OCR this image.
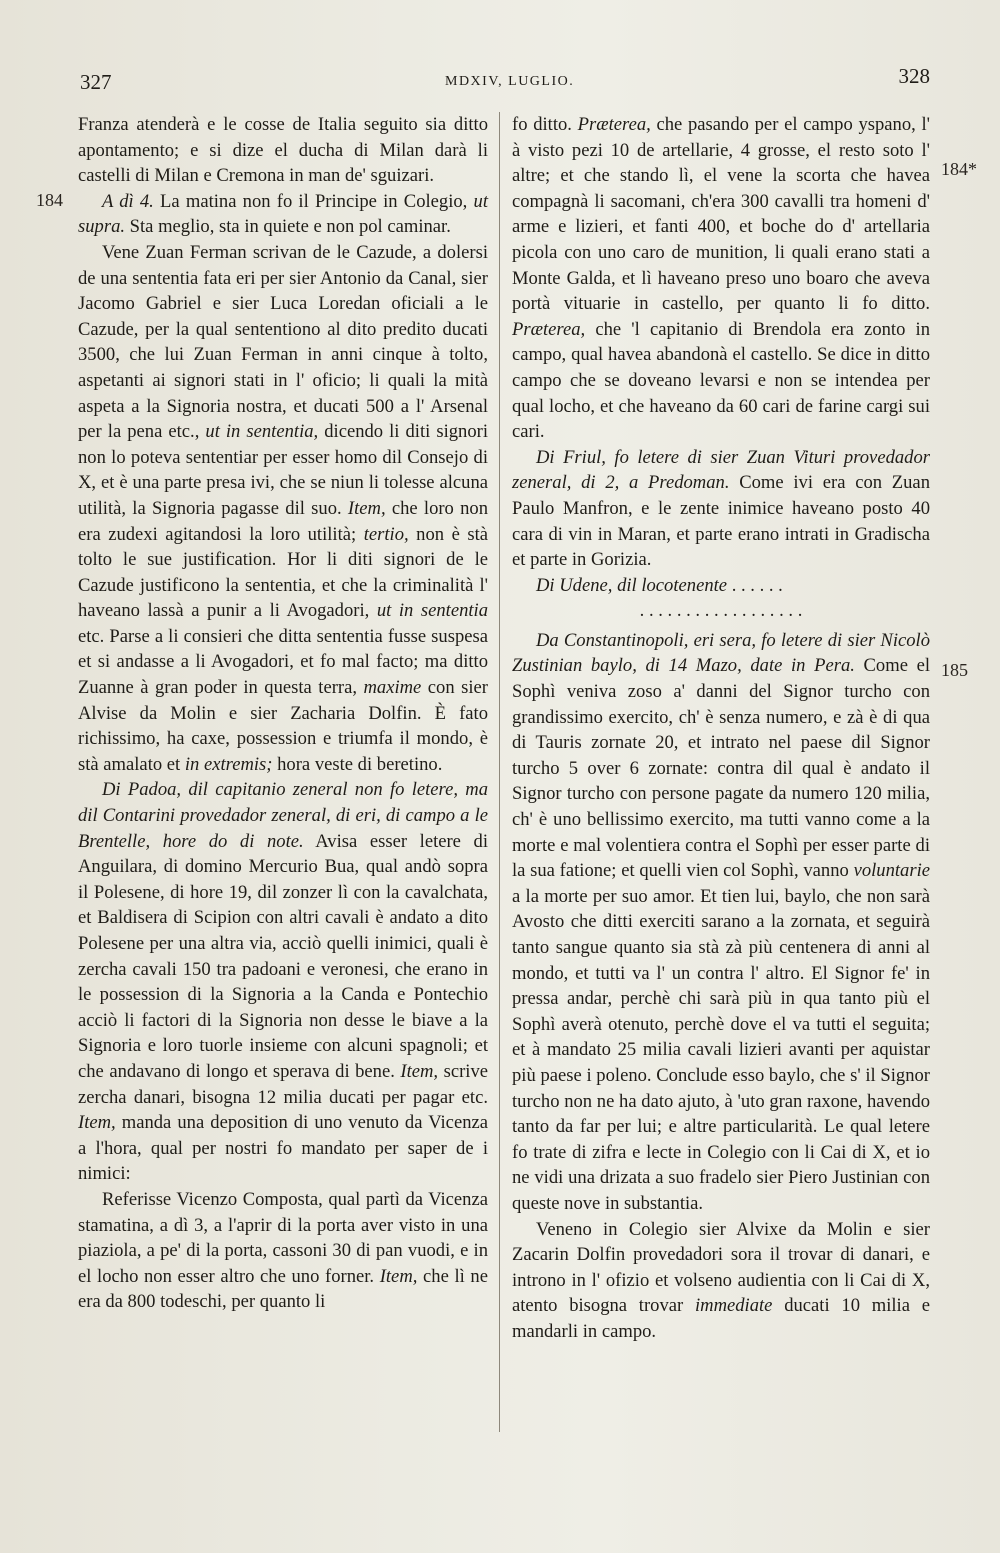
327	MDXIV, LUGLIO.	328
184
184*
185

Franza atenderà e le cosse de Italia seguito sia ditto apontamento; e si dize el ducha di Milan darà li castelli di Milan e Cremona in man de' sguizari.

A dì 4. La matina non fo il Principe in Colegio, ut supra. Sta meglio, sta in quiete e non pol caminar.

Vene Zuan Ferman scrivan de le Cazude, a dolersi de una sententia fata eri per sier Antonio da Canal, sier Jacomo Gabriel e sier Luca Loredan oficiali a le Cazude, per la qual sententiono al dito predito ducati 3500, che lui Zuan Ferman in anni cinque à tolto, aspetanti ai signori stati in l' oficio; li quali la mità aspeta a la Signoria nostra, et ducati 500 a l' Arsenal per la pena etc., ut in sententia, dicendo li diti signori non lo poteva sententiar per esser homo dil Consejo di X, et è una parte presa ivi, che se niun li tolesse alcuna utilità, la Signoria pagasse dil suo. Item, che loro non era zudexi agitandosi la loro utilità; tertio, non è stà tolto le sue justification. Hor li diti signori de le Cazude justificono la sententia, et che la criminalità l' haveano lassà a punir a li Avogadori, ut in sententia etc. Parse a li consieri che ditta sententia fusse suspesa et si andasse a li Avogadori, et fo mal facto; ma ditto Zuanne à gran poder in questa terra, maxime con sier Alvise da Molin e sier Zacharia Dolfin. È fato richissimo, ha caxe, possession e triumfa il mondo, è stà amalato et in extremis; hora veste di beretino.

Di Padoa, dil capitanio zeneral non fo letere, ma dil Contarini provedador zeneral, di eri, di campo a le Brentelle, hore do di note. Avisa esser letere di Anguilara, di domino Mercurio Bua, qual andò sopra il Polesene, di hore 19, dil zonzer lì con la cavalchata, et Baldisera di Scipion con altri cavali è andato a dito Polesene per una altra via, acciò quelli inimici, quali è zercha cavali 150 tra padoani e veronesi, che erano in le possession di la Signoria a la Canda e Pontechio acciò li factori di la Signoria non desse le biave a la Signoria e loro tuorle insieme con alcuni spagnoli; et che andavano di longo et sperava di bene. Item, scrive zercha danari, bisogna 12 milia ducati per pagar etc. Item, manda una deposition di uno venuto da Vicenza a l'hora, qual per nostri fo mandato per saper de i nimici:

Referisse Vicenzo Composta, qual partì da Vicenza stamatina, a dì 3, a l'aprir di la porta aver visto in una piaziola, a pe' di la porta, cassoni 30 di pan vuodi, e in el locho non esser altro che uno forner. Item, che lì ne era da 800 todeschi, per quanto li

fo ditto. Præterea, che pasando per el campo yspano, l' à visto pezi 10 de artellarie, 4 grosse, el resto soto l' altre; et che stando lì, el vene la scorta che havea compagnà li sacomani, ch'era 300 cavalli tra homeni d' arme e lizieri, et fanti 400, et boche do d' artellaria picola con uno caro de munition, li quali erano stati a Monte Galda, et lì haveano preso uno boaro che aveva portà vituarie in castello, per quanto li fo ditto. Præterea, che 'l capitanio di Brendola era zonto in campo, qual havea abandonà el castello. Se dice in ditto campo che se doveano levarsi e non se intendea per qual locho, et che haveano da 60 cari de farine cargi sui cari.

Di Friul, fo letere di sier Zuan Vituri provedador zeneral, di 2, a Predoman. Come ivi era con Zuan Paulo Manfron, e le zente inimice haveano posto 40 cara di vin in Maran, et parte erano intrati in Gradischa et parte in Gorizia.

Di Udene, dil locotenente . . . . . .

. . . . . . . . . . . . . . . . . .

Da Constantinopoli, eri sera, fo letere di sier Nicolò Zustinian baylo, di 14 Mazo, date in Pera. Come el Sophì veniva zoso a' danni del Signor turcho con grandissimo exercito, ch' è senza numero, e zà è di qua di Tauris zornate 20, et intrato nel paese dil Signor turcho 5 over 6 zornate: contra dil qual è andato il Signor turcho con persone pagate da numero 120 milia, ch' è uno bellissimo exercito, ma tutti vanno come a la morte e mal volentiera contra el Sophì per esser parte di la sua fatione; et quelli vien col Sophì, vanno voluntarie a la morte per suo amor. Et tien lui, baylo, che non sarà Avosto che ditti exerciti sarano a la zornata, et seguirà tanto sangue quanto sia stà zà più centenera di anni al mondo, et tutti va l' un contra l' altro. El Signor fe' in pressa andar, perchè chi sarà più in qua tanto più el Sophì averà otenuto, perchè dove el va tutti el seguita; et à mandato 25 milia cavali lizieri avanti per aquistar più paese i poleno. Conclude esso baylo, che s' il Signor turcho non ne ha dato ajuto, à 'uto gran raxone, havendo tanto da far per lui; e altre particularità. Le qual letere fo trate di zifra e lecte in Colegio con li Cai di X, et io ne vidi una drizata a suo fradelo sier Piero Justinian con queste nove in substantia.

Veneno in Colegio sier Alvixe da Molin e sier Zacarin Dolfin provedadori sora il trovar di danari, e introno in l' ofizio et volseno audientia con li Cai di X, atento bisogna trovar immediate ducati 10 milia e mandarli in campo.
